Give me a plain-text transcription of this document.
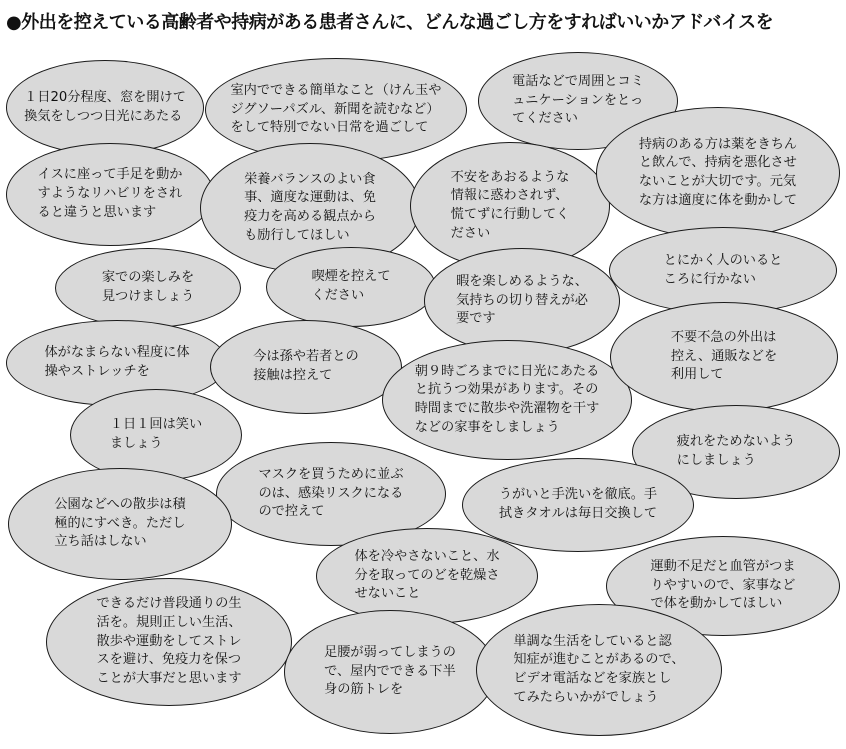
●外出を控えている高齢者や持病がある患者さんに、どんな過ごし方をすればいいかアドバイスを
１日20分程度、窓を開けて
換気をしつつ日光にあたる
室内でできる簡単なこと（けん玉や
ジグソーパズル、新聞を読むなど）
をして特別でない日常を過ごして
電話などで周囲とコミ
ュニケーションをとっ
てください
イスに座って手足を動か
すようなリハビリをされ
ると違うと思います
栄養バランスのよい食
事、適度な運動は、免
疫力を高める観点から
も励行してほしい
不安をあおるような
情報に惑わされず、
慌てずに行動してく
ださい
持病のある方は薬をきちん
と飲んで、持病を悪化させ
ないことが大切です。元気
な方は適度に体を動かして
家での楽しみを
見つけましょう
喫煙を控えて
ください
暇を楽しめるような、
気持ちの切り替えが必
要です
とにかく人のいると
ころに行かない
体がなまらない程度に体
操やストレッチを
今は孫や若者との
接触は控えて	朝９時ごろまでに日光にあたる
と抗うつ効果があります。その
時間までに散歩や洗濯物を干す
などの家事をしましょう
不要不急の外出は
控え、通販などを
利用して
１日１回は笑い
ましょう	疲れをためないよう
にしましょう
マスクを買うために並ぶ
のは、感染リスクになる
ので控えて
公園などへの散歩は積
極的にすべき。ただし
立ち話はしない
うがいと手洗いを徹底。手
拭きタオルは毎日交換して
体を冷やさないこと、水
分を取ってのどを乾燥さ
せないこと
運動不足だと血管がつま
りやすいので、家事など
で体を動かしてほしい
できるだけ普段通りの生
活を。規則正しい生活、
散歩や運動をしてストレ
スを避け、免疫力を保つ
ことが大事だと思います
足腰が弱ってしまうの
で、屋内でできる下半
身の筋トレを
単調な生活をしていると認
知症が進むことがあるので、
ビデオ電話などを家族とし
てみたらいかがでしょう
